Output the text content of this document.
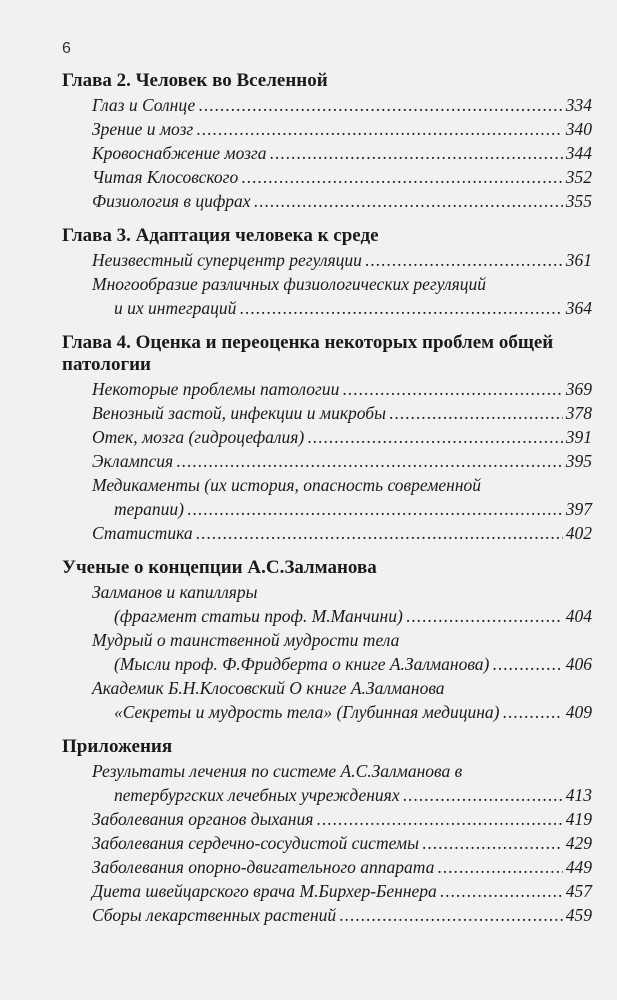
6
Глава 2. Человек во Вселенной
Глаз и Солнце .....	334
Зрение и мозг .....	340
Кровоснабжение мозга .....	344
Читая Клосовского .....	352
Физиология в цифрах .....	355
Глава 3. Адаптация человека к среде
Неизвестный суперцентр регуляции .....	361
Многообразие различных физиологических регуляций
и их интеграций .....	364
Глава 4. Оценка и переоценка некоторых проблем общей патологии
Некоторые проблемы патологии .....	369
Венозный застой, инфекции и микробы .....	378
Отек, мозга (гидроцефалия) .....	391
Эклампсия .....	395
Медикаменты (их история, опасность современной
терапии) .....	397
Статистика .....	402
Ученые о концепции А.С.Залманова
Залманов и капилляры
(фрагмент статьи проф. М.Манчини) .....	404
Мудрый о таинственной мудрости тела
(Мысли проф. Ф.Фридберта о книге А.Залманова) .....	406
Академик Б.Н.Клосовский О книге А.Залманова
«Секреты и мудрость тела» (Глубинная медицина) .....	409
Приложения
Результаты лечения по системе А.С.Залманова в
петербургских лечебных учреждениях .....	413
Заболевания органов дыхания .....	419
Заболевания сердечно-сосудистой системы .....	429
Заболевания опорно-двигательного аппарата .....	449
Диета швейцарского врача М.Бирхер-Беннера .....	457
Сборы лекарственных растений .....	459
